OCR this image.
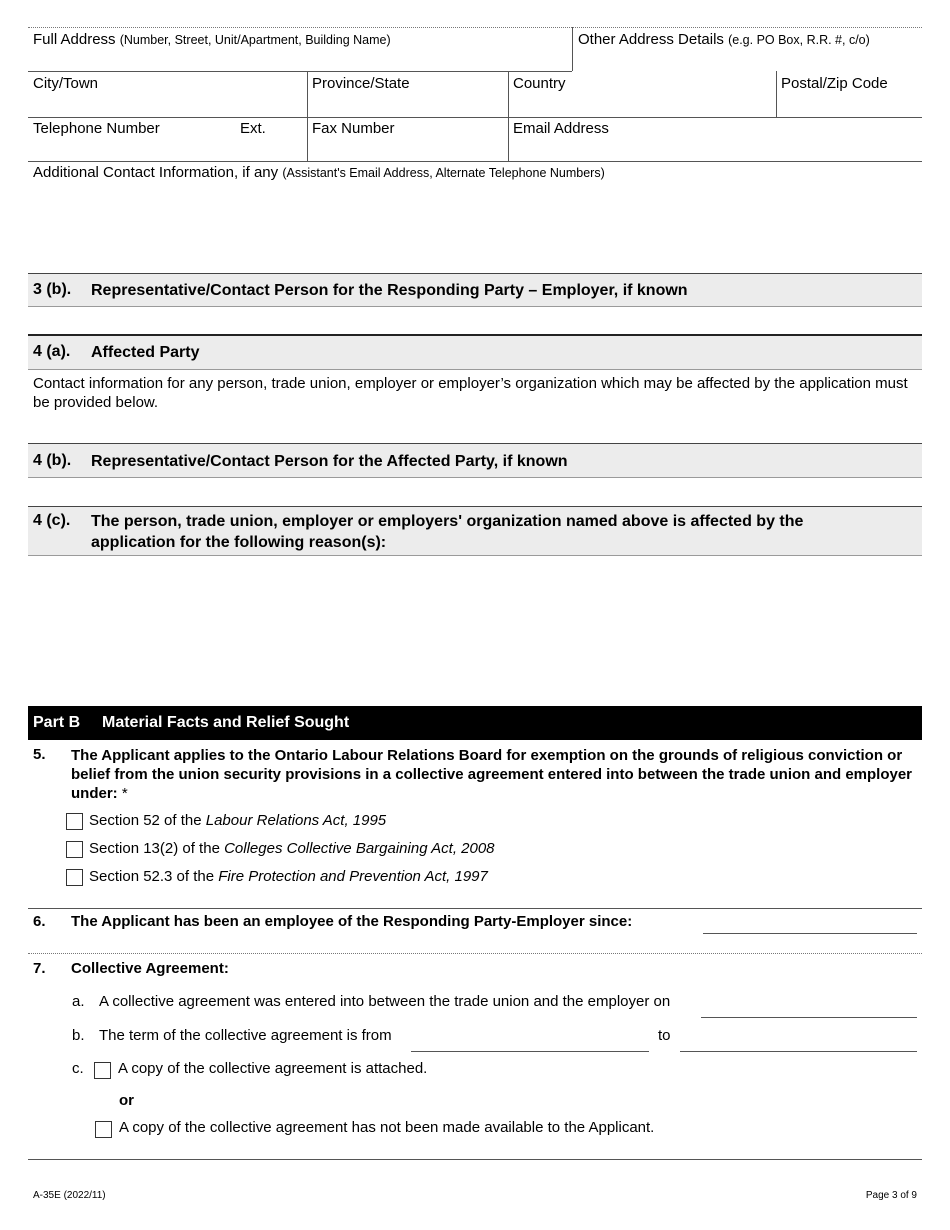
Full Address (Number, Street, Unit/Apartment, Building Name)	Other Address Details (e.g. PO Box, R.R. #, c/o)
City/Town	Province/State	Country	Postal/Zip Code
Telephone Number	Ext.	Fax Number	Email Address
Additional Contact Information, if any (Assistant's Email Address, Alternate Telephone Numbers)
3 (b). Representative/Contact Person for the Responding Party – Employer, if known
4 (a). Affected Party
Contact information for any person, trade union, employer or employer’s organization which may be affected by the application must be provided below.
4 (b). Representative/Contact Person for the Affected Party, if known
4 (c). The person, trade union, employer or employers' organization named above is affected by the application for the following reason(s):
Part B Material Facts and Relief Sought
5. The Applicant applies to the Ontario Labour Relations Board for exemption on the grounds of religious conviction or belief from the union security provisions in a collective agreement entered into between the trade union and employer under: *
Section 52 of the Labour Relations Act, 1995
Section 13(2) of the Colleges Collective Bargaining Act, 2008
Section 52.3 of the Fire Protection and Prevention Act, 1997
6. The Applicant has been an employee of the Responding Party-Employer since:
7. Collective Agreement:
a. A collective agreement was entered into between the trade union and the employer on
b. The term of the collective agreement is from	to
c. A copy of the collective agreement is attached.
or
A copy of the collective agreement has not been made available to the Applicant.
A-35E (2022/11)	Page 3 of 9
